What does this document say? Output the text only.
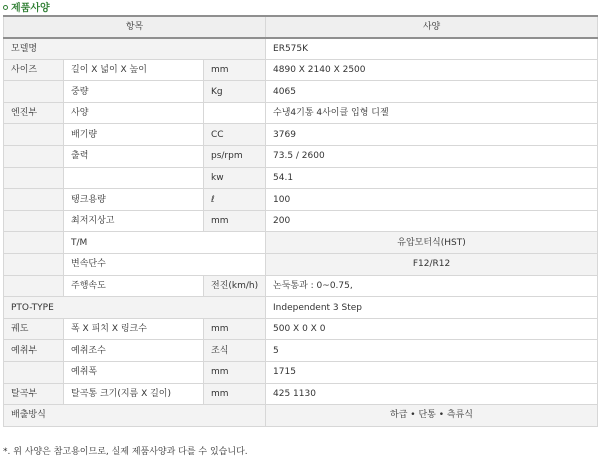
제품사양
항목			사양
모델명			ER575K
사이즈	길이 X 넓이 X 높이	mm	4890 X 2140 X 2500
	중량	Kg	4065
엔진부	사양		수냉4기통 4사이클 입형 디젤
	배기량	CC	3769
	출력	ps/rpm	73.5 / 2600
		kw	54.1
	탱크용량	ℓ	100
	최저지상고	mm	200
	T/M		유압모터식(HST)
	변속단수		F12/R12
	주행속도	전진(km/h)	논둑통과 : 0~0.75,
PTO-TYPE			Independent 3 Step
궤도	폭 X 피치 X 링크수	mm	500 X 0 X 0
예취부	예취조수	조식	5
	예취폭	mm	1715
탈곡부	탈곡통 크기(지름 X 길이)	mm	425 1130
배출방식			하급 • 단통 • 측류식
*. 위 사양은 참고용이므로, 실제 제품사양과 다를 수 있습니다.
